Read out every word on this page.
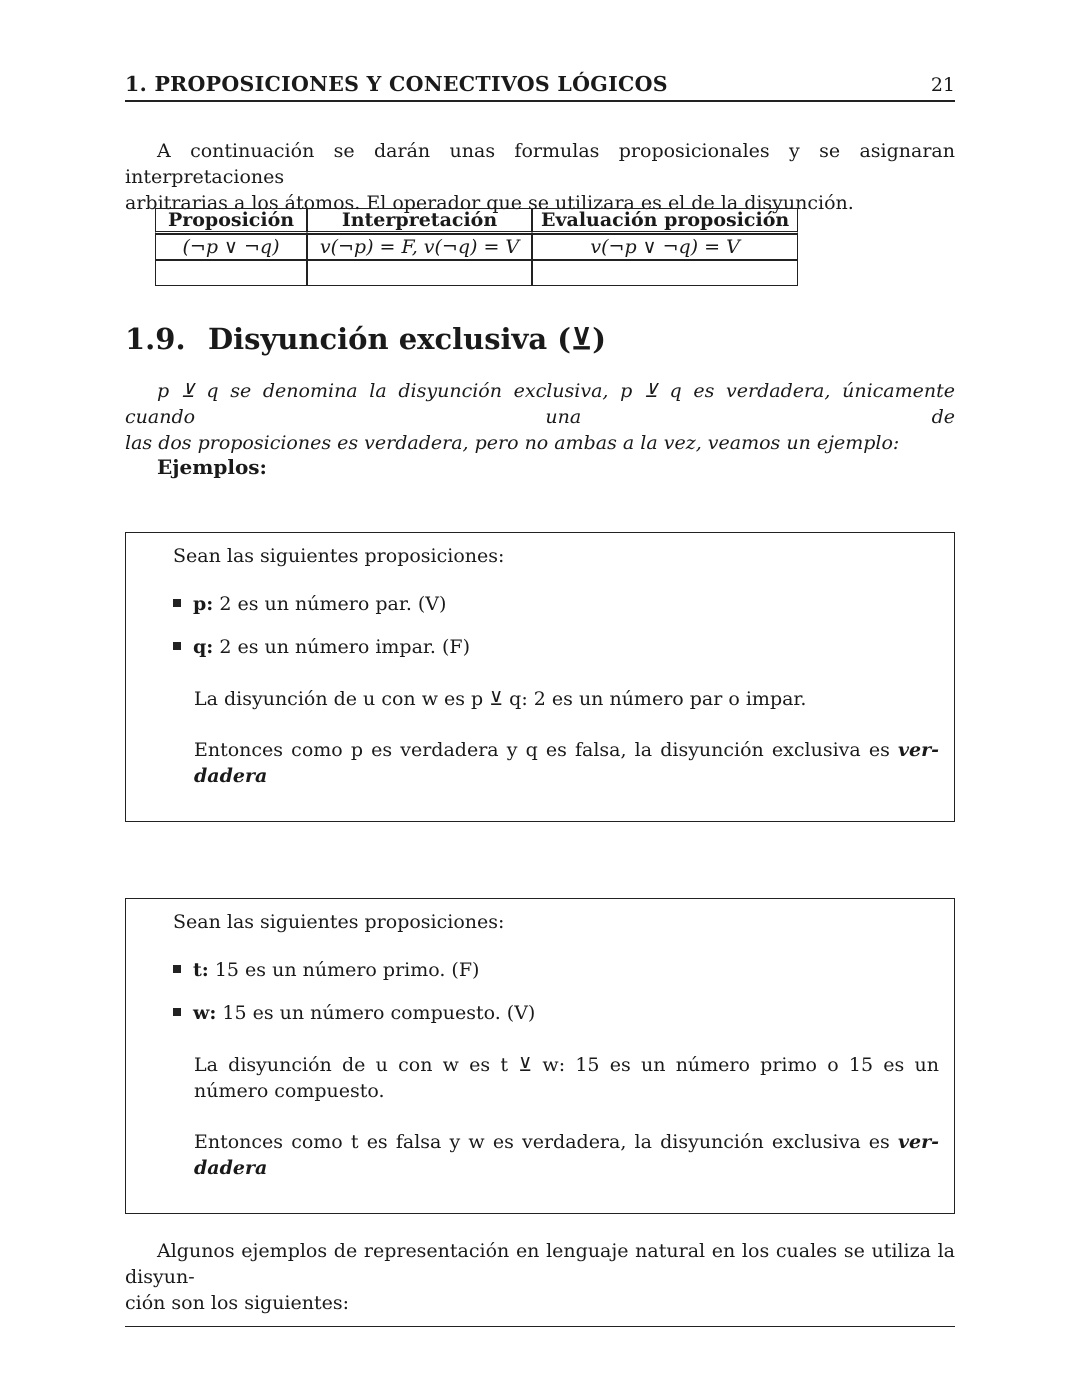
1. PROPOSICIONES Y CONECTIVOS LÓGICOS	21
A continuación se darán unas formulas proposicionales y se asignaran interpretaciones
arbitrarias a los átomos. El operador que se utilizara es el de la disyunción.
Proposición	Interpretación	Evaluación proposición
(¬p ∨ ¬q)	v(¬p) = F, v(¬q) = V	v(¬p ∨ ¬q) = V

1.9. Disyunción exclusiva (⊻)
p ⊻ q se denomina la disyunción exclusiva, p ⊻ q es verdadera, únicamente cuando una de
las dos proposiciones es verdadera, pero no ambas a la vez, veamos un ejemplo:
Ejemplos:
Sean las siguientes proposiciones:
p: 2 es un número par. (V)
q: 2 es un número impar. (F)
La disyunción de u con w es p ⊻ q: 2 es un número par o impar.
Entonces como p es verdadera y q es falsa, la disyunción exclusiva es ver-
dadera
Sean las siguientes proposiciones:
t: 15 es un número primo. (F)
w: 15 es un número compuesto. (V)
La disyunción de u con w es t ⊻ w: 15 es un número primo o 15 es un
número compuesto.
Entonces como t es falsa y w es verdadera, la disyunción exclusiva es ver-
dadera
Algunos ejemplos de representación en lenguaje natural en los cuales se utiliza la disyun-
ción son los siguientes:
